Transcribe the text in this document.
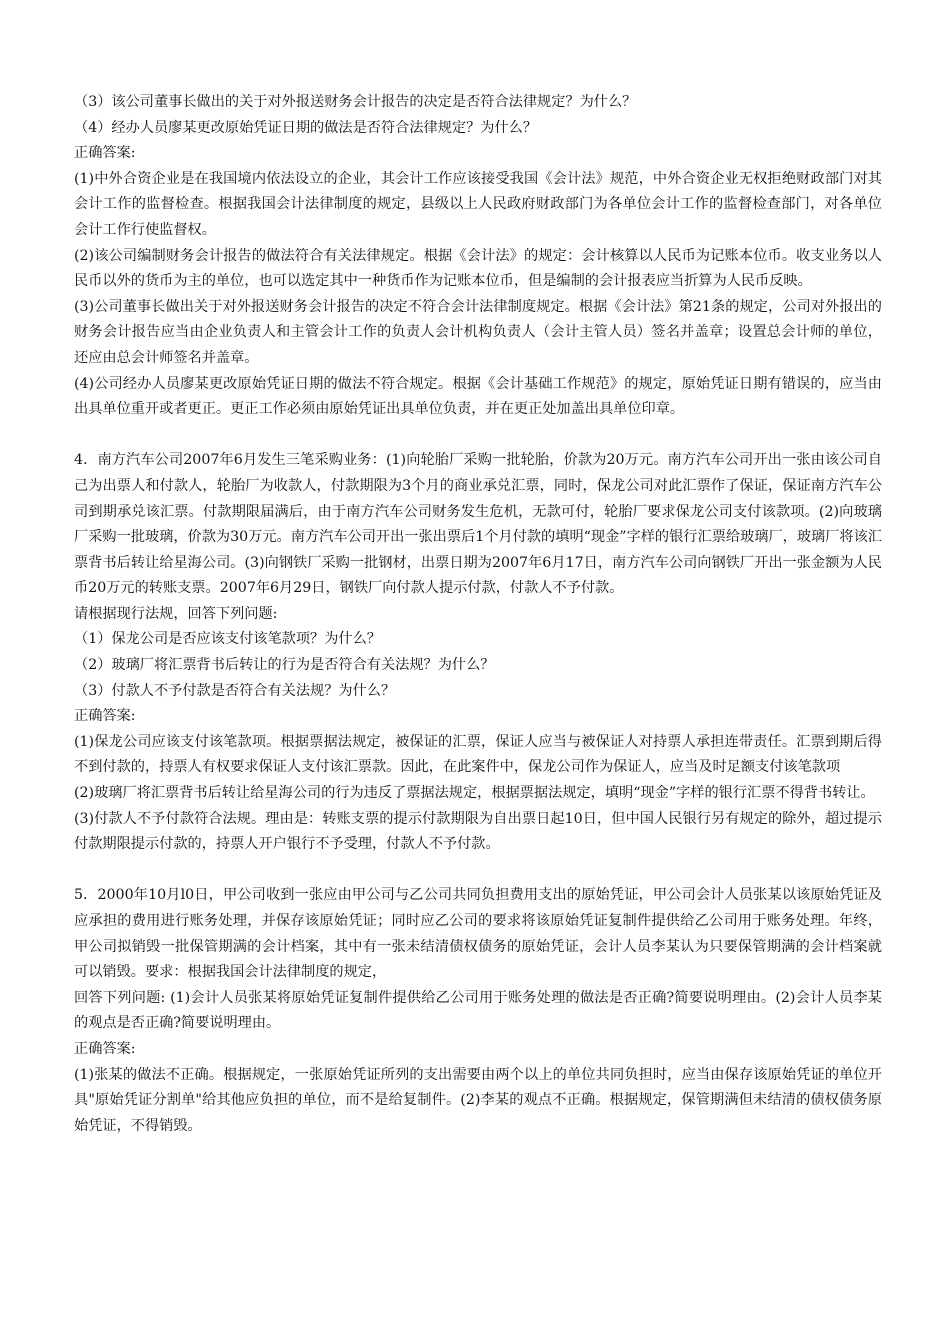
（3）该公司董事长做出的关于对外报送财务会计报告的决定是否符合法律规定？为什么？

（4）经办人员廖某更改原始凭证日期的做法是否符合法律规定？为什么？

正确答案:

(1)中外合资企业是在我国境内依法设立的企业，其会计工作应该接受我国《会计法》规范，中外合资企业无权拒绝财政部门对其会计工作的监督检查。根据我国会计法律制度的规定，县级以上人民政府财政部门为各单位会计工作的监督检查部门，对各单位会计工作行使监督权。

(2)该公司编制财务会计报告的做法符合有关法律规定。根据《会计法》的规定：会计核算以人民币为记账本位币。收支业务以人民币以外的货币为主的单位，也可以选定其中一种货币作为记账本位币，但是编制的会计报表应当折算为人民币反映。

(3)公司董事长做出关于对外报送财务会计报告的决定不符合会计法律制度规定。根据《会计法》第21条的规定，公司对外报出的财务会计报告应当由企业负责人和主管会计工作的负责人会计机构负责人（会计主管人员）签名并盖章；设置总会计师的单位，还应由总会计师签名并盖章。

(4)公司经办人员廖某更改原始凭证日期的做法不符合规定。根据《会计基础工作规范》的规定，原始凭证日期有错误的，应当由出具单位重开或者更正。更正工作必须由原始凭证出具单位负责，并在更正处加盖出具单位印章。

4．南方汽车公司2007年6月发生三笔采购业务：(1)向轮胎厂采购一批轮胎，价款为20万元。南方汽车公司开出一张由该公司自己为出票人和付款人，轮胎厂为收款人，付款期限为3个月的商业承兑汇票，同时，保龙公司对此汇票作了保证，保证南方汽车公司到期承兑该汇票。付款期限届满后，由于南方汽车公司财务发生危机，无款可付，轮胎厂要求保龙公司支付该款项。(2)向玻璃厂采购一批玻璃，价款为30万元。南方汽车公司开出一张出票后1个月付款的填明“现金”字样的银行汇票给玻璃厂，玻璃厂将该汇票背书后转让给星海公司。(3)向钢铁厂采购一批钢材，出票日期为2007年6月17日，南方汽车公司向钢铁厂开出一张金额为人民币20万元的转账支票。2007年6月29日，钢铁厂向付款人提示付款，付款人不予付款。

请根据现行法规，回答下列问题:

（1）保龙公司是否应该支付该笔款项？为什么？

（2）玻璃厂将汇票背书后转让的行为是否符合有关法规？为什么？

（3）付款人不予付款是否符合有关法规？为什么？

正确答案:

(1)保龙公司应该支付该笔款项。根据票据法规定，被保证的汇票，保证人应当与被保证人对持票人承担连带责任。汇票到期后得不到付款的，持票人有权要求保证人支付该汇票款。因此，在此案件中，保龙公司作为保证人，应当及时足额支付该笔款项

(2)玻璃厂将汇票背书后转让给星海公司的行为违反了票据法规定，根据票据法规定，填明“现金”字样的银行汇票不得背书转让。

(3)付款人不予付款符合法规。理由是：转账支票的提示付款期限为自出票日起10日，但中国人民银行另有规定的除外，超过提示付款期限提示付款的，持票人开户银行不予受理，付款人不予付款。

5．2000年10月l0日，甲公司收到一张应由甲公司与乙公司共同负担费用支出的原始凭证，甲公司会计人员张某以该原始凭证及应承担的费用进行账务处理，并保存该原始凭证；同时应乙公司的要求将该原始凭证复制件提供给乙公司用于账务处理。年终，甲公司拟销毁一批保管期满的会计档案，其中有一张未结清债权债务的原始凭证，会计人员李某认为只要保管期满的会计档案就可以销毁。要求：根据我国会计法律制度的规定，

回答下列问题: (1)会计人员张某将原始凭证复制件提供给乙公司用于账务处理的做法是否正确?简要说明理由。(2)会计人员李某的观点是否正确?简要说明理由。

正确答案:

(1)张某的做法不正确。根据规定，一张原始凭证所列的支出需要由两个以上的单位共同负担时，应当由保存该原始凭证的单位开具"原始凭证分割单"给其他应负担的单位，而不是给复制件。(2)李某的观点不正确。根据规定，保管期满但未结清的债权债务原始凭证，不得销毁。
